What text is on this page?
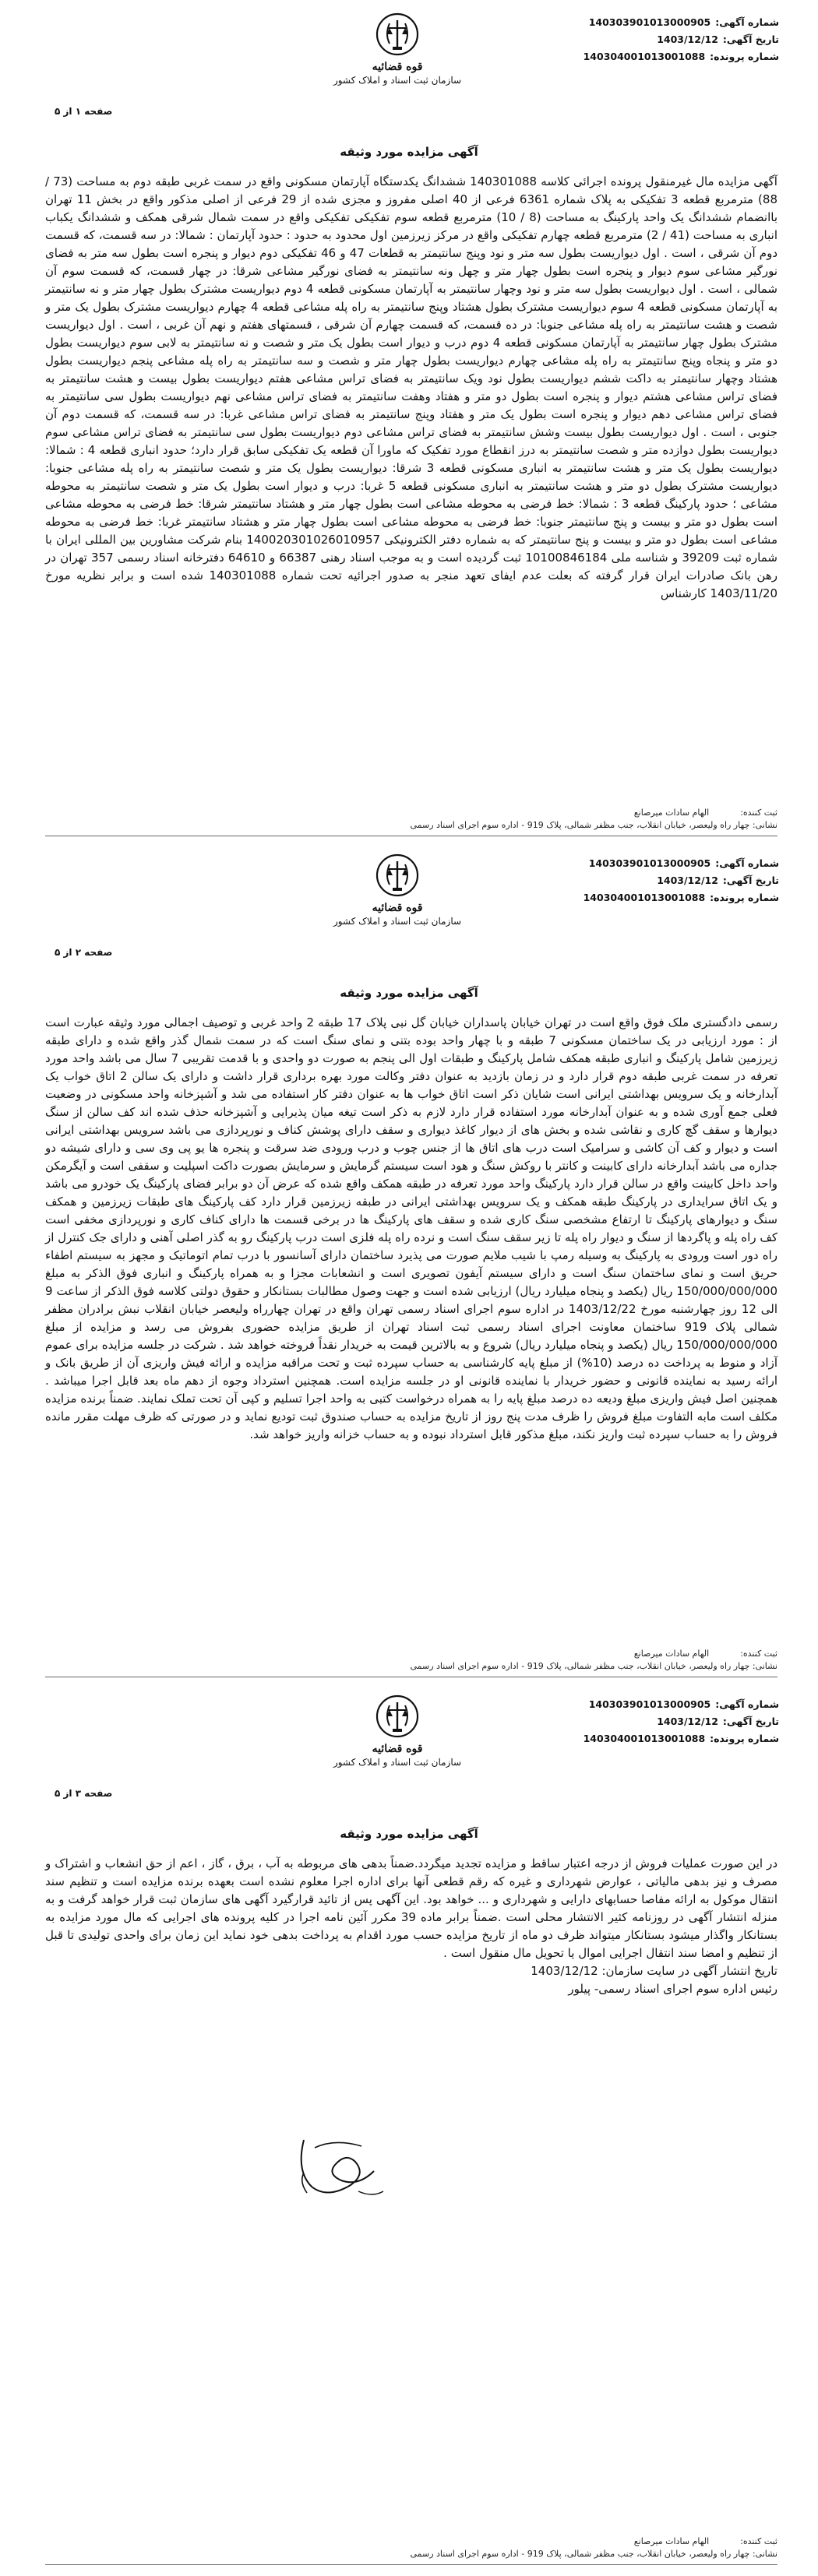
شماره آگهی:
140303901013000905
تاریخ آگهی:
1403/12/12
شماره پرونده:
140304001013001088
قوه قضائیه
سازمان ثبت اسناد و املاک کشور
صفحه ۱ از ۵
آگهی مزایده مورد وثیقه

آگهی مزایده مال غیرمنقول پرونده اجرائی کلاسه 140301088 ششدانگ یکدستگاه آپارتمان مسکونی واقع در سمت غربی طبقه دوم به مساحت (73 / 88) مترمربع قطعه 3 تفکیکی به پلاک شماره 6361 فرعی از 40 اصلی مفروز و مجزی شده از 29 فرعی از اصلی مذکور واقع در بخش 11 تهران باانضمام ششدانگ یک واحد پارکینگ به مساحت (8 / 10) مترمربع قطعه سوم تفکیکی تفکیکی واقع در سمت شمال شرقی همکف و ششدانگ یکباب انباری به مساحت (41 / 2) مترمربع قطعه چهارم تفکیکی واقع در مرکز زیرزمین اول محدود به حدود : حدود آپارتمان : شمالا: در سه قسمت، که قسمت دوم آن شرقی ، است . اول دیواریست بطول سه متر و نود وپنج سانتیمتر به قطعات 47 و 46 تفکیکی دوم دیوار و پنجره است بطول سه متر به فضای نورگیر مشاعی سوم دیوار و پنجره است بطول چهار متر و چهل ونه سانتیمتر به فضای نورگیر مشاعی شرقا: در چهار قسمت، که قسمت سوم آن شمالی ، است . اول دیواریست بطول سه متر و نود وچهار سانتیمتر به آپارتمان مسکونی قطعه 4 دوم دیواریست مشترک بطول چهار متر و نه سانتیمتر به آپارتمان مسکونی قطعه 4 سوم دیواریست مشترک بطول هشتاد وپنج سانتیمتر به راه پله مشاعی قطعه 4 چهارم دیواریست مشترک بطول یک متر و شصت و هشت سانتیمتر به راه پله مشاعی جنوبا: در ده قسمت، که قسمت چهارم آن شرقی ، قسمتهای هفتم و نهم آن غربی ، است . اول دیواریست مشترک بطول چهار سانتیمتر به آپارتمان مسکونی قطعه 4 دوم درب و دیوار است بطول یک متر و شصت و نه سانتیمتر به لابی سوم دیواریست بطول دو متر و پنجاه وپنج سانتیمتر به راه پله مشاعی چهارم دیواریست بطول چهار متر و شصت و سه سانتیمتر به راه پله مشاعی پنجم دیواریست بطول هشتاد وچهار سانتیمتر به داکت ششم دیواریست بطول نود ویک سانتیمتر به فضای تراس مشاعی هفتم دیواریست بطول بیست و هشت سانتیمتر به فضای تراس مشاعی هشتم دیوار و پنجره است بطول دو متر و هفتاد وهفت سانتیمتر به فضای تراس مشاعی نهم دیواریست بطول سی سانتیمتر به فضای تراس مشاعی دهم دیوار و پنجره است بطول یک متر و هفتاد وپنج سانتیمتر به فضای تراس مشاعی غربا: در سه قسمت، که قسمت دوم آن جنوبی ، است . اول دیواریست بطول بیست وشش سانتیمتر به فضای تراس مشاعی دوم دیواریست بطول سی سانتیمتر به فضای تراس مشاعی سوم دیواریست بطول دوازده متر و شصت سانتیمتر به درز انقطاع مورد تفکیک که ماورا آن قطعه یک تفکیکی سابق قرار دارد؛ حدود انباری قطعه 4 : شمالا: دیواریست بطول یک متر و هشت سانتیمتر به انباری مسکونی قطعه 3 شرقا: دیواریست بطول یک متر و شصت سانتیمتر به راه پله مشاعی جنوبا: دیواریست مشترک بطول دو متر و هشت سانتیمتر به انباری مسکونی قطعه 5 غربا: درب و دیوار است بطول یک متر و شصت سانتیمتر به محوطه مشاعی ؛ حدود پارکینگ قطعه 3 : شمالا: خط فرضی به محوطه مشاعی است بطول چهار متر و هشتاد سانتیمتر شرقا: خط فرضی به محوطه مشاعی است بطول دو متر و بیست و پنج سانتیمتر جنوبا: خط فرضی به محوطه مشاعی است بطول چهار متر و هشتاد سانتیمتر غربا: خط فرضی به محوطه مشاعی است بطول دو متر و بیست و پنج سانتیمتر که به شماره دفتر الکترونیکی 140020301026010957 بنام شرکت مشاورین بین المللی ایران با شماره ثبت 39209 و شناسه ملی 10100846184 ثبت گردیده است و به موجب اسناد رهنی 66387 و 64610 دفترخانه اسناد رسمی 357 تهران در رهن بانک صادرات ایران قرار گرفته که بعلت عدم ایفای تعهد منجر به صدور اجرائیه تحت شماره 140301088 شده است و برابر نظریه مورخ 1403/11/20 کارشناس

ثبت کننده:
الهام سادات میرصانع
نشانی: چهار راه ولیعصر، خیابان انقلاب، جنب مظفر شمالی، پلاک 919 - اداره سوم اجرای اسناد رسمی
شماره آگهی:
140303901013000905
تاریخ آگهی:
1403/12/12
شماره پرونده:
140304001013001088
قوه قضائیه
سازمان ثبت اسناد و املاک کشور
صفحه ۲ از ۵
آگهی مزایده مورد وثیقه

رسمی دادگستری ملک فوق واقع است در تهران خیابان پاسداران خیابان گل نبی پلاک 17 طبقه 2 واحد غربی و توصیف اجمالی مورد وثیقه عبارت است از : مورد ارزیابی در یک ساختمان مسکونی 7 طبقه و با چهار واحد بوده بتنی و نمای سنگ است که در سمت شمال گذر واقع شده و دارای طبقه زیرزمین شامل پارکینگ و انباری طبقه همکف شامل پارکینگ و طبقات اول الی پنجم به صورت دو واحدی و با قدمت تقریبی 7 سال می باشد واحد مورد تعرفه در سمت غربی طبقه دوم قرار دارد و در زمان بازدید به عنوان دفتر وکالت مورد بهره برداری قرار داشت و دارای یک سالن 2 اتاق خواب یک آبدارخانه و یک سرویس بهداشتی ایرانی است شایان ذکر است اتاق خواب ها به عنوان دفتر کار استفاده می شد و آشپزخانه واحد مسکونی در وضعیت فعلی جمع آوری شده و به عنوان آبدارخانه مورد استفاده قرار دارد لازم به ذکر است تیغه میان پذیرایی و آشپزخانه حذف شده اند کف سالن از سنگ دیوارها و سقف گچ کاری و نقاشی شده و بخش های از دیوار کاغذ دیواری و سقف دارای پوشش کناف و نورپردازی می باشد سرویس بهداشتی ایرانی است و دیوار و کف آن کاشی و سرامیک است درب های اتاق ها از جنس چوب و درب ورودی ضد سرقت و پنجره ها یو پی وی سی و دارای شیشه دو جداره می باشد آبدارخانه دارای کابینت و کانتر با روکش سنگ و هود است سیستم گرمایش و سرمایش بصورت داکت اسپلیت و سقفی است و آیگرمکن واحد داخل کابینت واقع در سالن قرار دارد پارکینگ واحد مورد تعرفه در طبقه همکف واقع شده که عرض آن دو برابر فضای پارکینگ یک خودرو می باشد و یک اتاق سرایداری در پارکینگ طبقه همکف و یک سرویس بهداشتی ایرانی در طبقه زیرزمین قرار دارد کف پارکینگ های طبقات زیرزمین و همکف سنگ و دیوارهای پارکینگ تا ارتفاع مشخصی سنگ کاری شده و سقف های پارکینگ ها در برخی قسمت ها دارای کناف کاری و نورپردازی مخفی است کف راه پله و پاگردها از سنگ و دیوار راه پله تا زیر سقف سنگ است و نرده راه پله فلزی است درب پارکینگ رو به گذر اصلی آهنی و دارای جک کنترل از راه دور است ورودی به پارکینگ به وسیله رمپ با شیب ملایم صورت می پذیرد ساختمان دارای آسانسور با درب تمام اتوماتیک و مجهز به سیستم اطفاء حریق است و نمای ساختمان سنگ است و دارای سیستم آیفون تصویری است و انشعابات مجزا و به همراه پارکینگ و انباری فوق الذکر به مبلغ 150/000/000/000 ریال (یکصد و پنجاه میلیارد ریال) ارزیابی شده است و جهت وصول مطالبات بستانکار و حقوق دولتی کلاسه فوق الذکر از ساعت 9 الی 12 روز چهارشنبه مورخ 1403/12/22 در اداره سوم اجرای اسناد رسمی تهران واقع در تهران چهارراه ولیعصر خیابان انقلاب نبش برادران مظفر شمالی پلاک 919 ساختمان معاونت اجرای اسناد رسمی ثبت اسناد تهران از طریق مزایده حضوری بفروش می رسد و مزایده از مبلغ 150/000/000/000 ریال (یکصد و پنجاه میلیارد ریال) شروع و به بالاترین قیمت به خریدار نقداً فروخته خواهد شد . شرکت در جلسه مزایده برای عموم آزاد و منوط به پرداخت ده درصد (10%) از مبلغ پایه کارشناسی به حساب سپرده ثبت و تحت مراقبه مزایده و ارائه فیش واریزی آن از طریق بانک و ارائه رسید به نماینده قانونی و حضور خریدار با نماینده قانونی او در جلسه مزایده است. همچنین استرداد وجوه از دهم ماه بعد قابل اجرا میباشد . همچنین اصل فیش واریزی مبلغ ودیعه ده درصد مبلغ پایه را به همراه درخواست کتبی به واحد اجرا تسلیم و کپی آن تحت تملک نمایند. ضمناً برنده مزایده مکلف است مابه التفاوت مبلغ فروش را ظرف مدت پنج روز از تاریخ مزایده به حساب صندوق ثبت تودیع نماید و در صورتی که ظرف مهلت مقرر مانده فروش را به حساب سپرده ثبت واریز نکند، مبلغ مذکور قابل استرداد نبوده و به حساب خزانه واریز خواهد شد.

ثبت کننده:
الهام سادات میرصانع
نشانی: چهار راه ولیعصر، خیابان انقلاب، جنب مظفر شمالی، پلاک 919 - اداره سوم اجرای اسناد رسمی
شماره آگهی:
140303901013000905
تاریخ آگهی:
1403/12/12
شماره پرونده:
140304001013001088
قوه قضائیه
سازمان ثبت اسناد و املاک کشور
صفحه ۳ از ۵
آگهی مزایده مورد وثیقه

در این صورت عملیات فروش از درجه اعتبار ساقط و مزایده تجدید میگردد.ضمناً بدهی های مربوطه به آب ، برق ، گاز ، اعم از حق انشعاب و اشتراک و مصرف و نیز بدهی مالیاتی ، عوارض شهرداری و غیره که رقم قطعی آنها برای اداره اجرا معلوم نشده است بعهده برنده مزایده است و تنظیم سند انتقال موکول به ارائه مفاصا حسابهای دارایی و شهرداری و ... خواهد بود. این آگهی پس از تائید قرارگیرد آگهی های سازمان ثبت قرار خواهد گرفت و به منزله انتشار آگهی در روزنامه کثیر الانتشار محلی است .ضمناً برابر ماده 39 مکرر آئین نامه اجرا در کلیه پرونده های اجرایی که مال مورد مزایده به بستانکار واگذار میشود بستانکار میتواند ظرف دو ماه از تاریخ مزایده حسب مورد اقدام به پرداخت بدهی خود نماید این زمان برای واحدی تولیدی تا قبل از تنظیم و امضا سند انتقال اجرایی اموال یا تحویل مال منقول است .

تاریخ انتشار آگهی در سایت سازمان: 1403/12/12

رئیس اداره سوم اجرای اسناد رسمی- پیلور

ثبت کننده:
الهام سادات میرصانع
نشانی: چهار راه ولیعصر، خیابان انقلاب، جنب مظفر شمالی، پلاک 919 - اداره سوم اجرای اسناد رسمی
